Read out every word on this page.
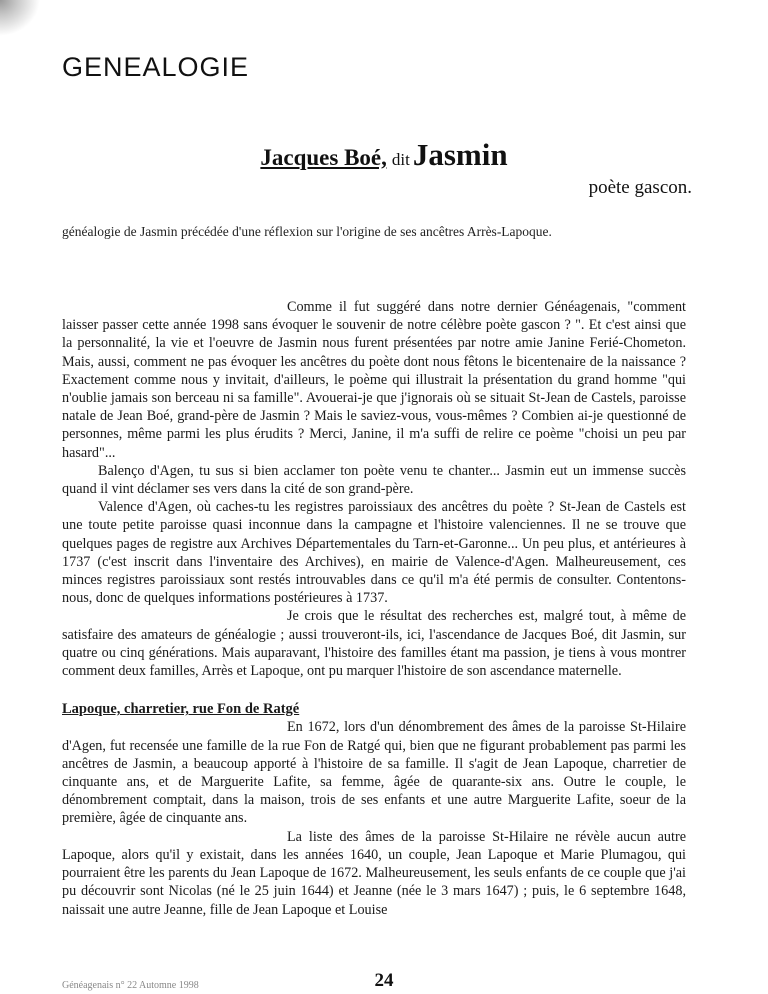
GENEALOGIE
Jacques Boé, ditJasmin
poète gascon.
généalogie de Jasmin précédée d'une réflexion sur l'origine de ses ancêtres Arrès-Lapoque.

Comme il fut suggéré dans notre dernier Généagenais, "comment laisser passer cette année 1998 sans évoquer le souvenir de notre célèbre poète gascon ? ". Et c'est ainsi que la personnalité, la vie et l'oeuvre de Jasmin nous furent présentées par notre amie Janine Ferié-Chometon. Mais, aussi, comment ne pas évoquer les ancêtres du poète dont nous fêtons le bicentenaire de la naissance ? Exactement comme nous y invitait, d'ailleurs, le poème qui illustrait la présentation du grand homme "qui n'oublie jamais son berceau ni sa famille". Avouerai-je que j'ignorais où se situait St-Jean de Castels, paroisse natale de Jean Boé, grand-père de Jasmin ? Mais le saviez-vous, vous-mêmes ? Combien ai-je questionné de personnes, même parmi les plus érudits ? Merci, Janine, il m'a suffi de relire ce poème "choisi un peu par hasard"...

Balenço d'Agen, tu sus si bien acclamer ton poète venu te chanter... Jasmin eut un immense succès quand il vint déclamer ses vers dans la cité de son grand-père.

Valence d'Agen, où caches-tu les registres paroissiaux des ancêtres du poète ? St-Jean de Castels est une toute petite paroisse quasi inconnue dans la campagne et l'histoire valenciennes. Il ne se trouve que quelques pages de registre aux Archives Départementales du Tarn-et-Garonne... Un peu plus, et antérieures à 1737 (c'est inscrit dans l'inventaire des Archives), en mairie de Valence-d'Agen. Malheureusement, ces minces registres paroissiaux sont restés introuvables dans ce qu'il m'a été permis de consulter. Contentons-nous, donc de quelques informations postérieures à 1737.

Je crois que le résultat des recherches est, malgré tout, à même de satisfaire des amateurs de généalogie ; aussi trouveront-ils, ici, l'ascendance de Jacques Boé, dit Jasmin, sur quatre ou cinq générations. Mais auparavant, l'histoire des familles étant ma passion, je tiens à vous montrer comment deux familles, Arrès et Lapoque, ont pu marquer l'histoire de son ascendance maternelle.

Lapoque, charretier, rue Fon de Ratgé

En 1672, lors d'un dénombrement des âmes de la paroisse St-Hilaire d'Agen, fut recensée une famille de la rue Fon de Ratgé qui, bien que ne figurant probablement pas parmi les ancêtres de Jasmin, a beaucoup apporté à l'histoire de sa famille. Il s'agit de Jean Lapoque, charretier de cinquante ans, et de Marguerite Lafite, sa femme, âgée de quarante-six ans. Outre le couple, le dénombrement comptait, dans la maison, trois de ses enfants et une autre Marguerite Lafite, soeur de la première, âgée de cinquante ans.

La liste des âmes de la paroisse St-Hilaire ne révèle aucun autre Lapoque, alors qu'il y existait, dans les années 1640, un couple, Jean Lapoque et Marie Plumagou, qui pourraient être les parents du Jean Lapoque de 1672. Malheureusement, les seuls enfants de ce couple que j'ai pu découvrir sont Nicolas (né le 25 juin 1644) et Jeanne (née le 3 mars 1647) ; puis, le 6 septembre 1648, naissait une autre Jeanne, fille de Jean Lapoque et Louise

Généagenais n° 22 Automne 1998	24
